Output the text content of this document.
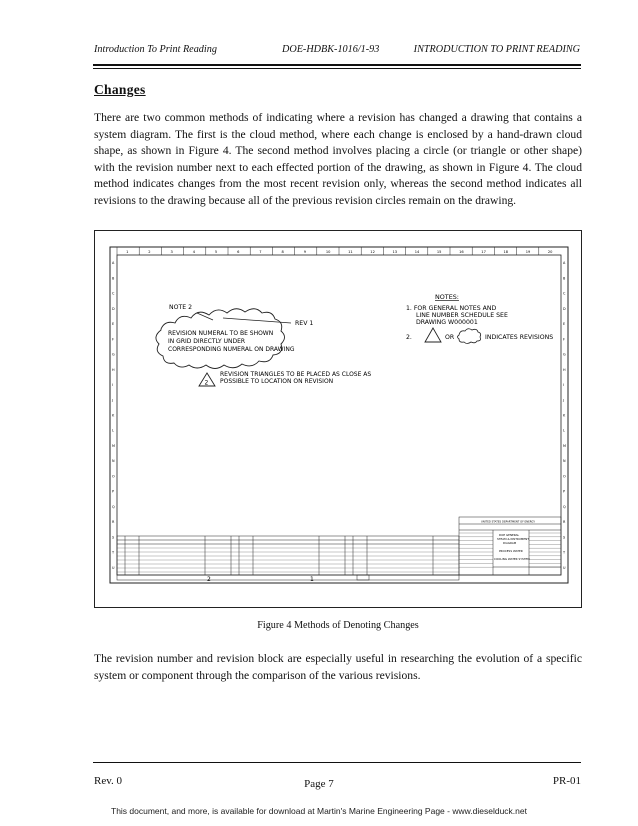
Introduction To Print Reading	DOE-HDBK-1016/1-93	INTRODUCTION TO PRINT READING
Changes

There are two common methods of indicating where a revision has changed a drawing that contains a system diagram. The first is the cloud method, where each change is enclosed by a hand-drawn cloud shape, as shown in Figure 4. The second method involves placing a circle (or triangle or other shape) with the revision number next to each effected portion of the drawing, as shown in Figure 4. The cloud method indicates changes from the most recent revision only, whereas the second method indicates all revisions to the drawing because all of the previous revision circles remain on the drawing.

1	2	3	4	5	6	7	8	9	10	11	12	13	14	15	16	17	18	19	20
A	A
B	B
C	C
D	D
E	E
F	F
G	G
H	H
I	I
J	J
K	K
L	L
M	M
N	N
O	O
P	P
Q	Q
R	R
S	S
T	T
U	U
NOTE 2
REV 1
REVISION NUMERAL TO BE SHOWN
IN GRID DIRECTLY UNDER
CORRESPONDING NUMERAL ON DRAWING
2
REVISION TRIANGLES TO BE PLACED AS CLOSE AS
POSSIBLE TO LOCATION ON REVISION
NOTES:
1. FOR GENERAL NOTES AND
LINE NUMBER SCHEDULE SEE
DRAWING W000001
2.	OR	INDICATES REVISIONS
2	1
UNITED STATES DEPARTMENT OF ENERGY
DOE GENERAL
STEAM & INSTRUMENT
DIAGRAM
PROCESS WATER
COOLING WATER SYSTEM
Figure 4 Methods of Denoting Changes

The revision number and revision block are especially useful in researching the evolution of a specific system or component through the comparison of the various revisions.

Rev. 0	Page 7	PR-01
This document, and more, is available for download at Martin's Marine Engineering Page - www.dieselduck.net
